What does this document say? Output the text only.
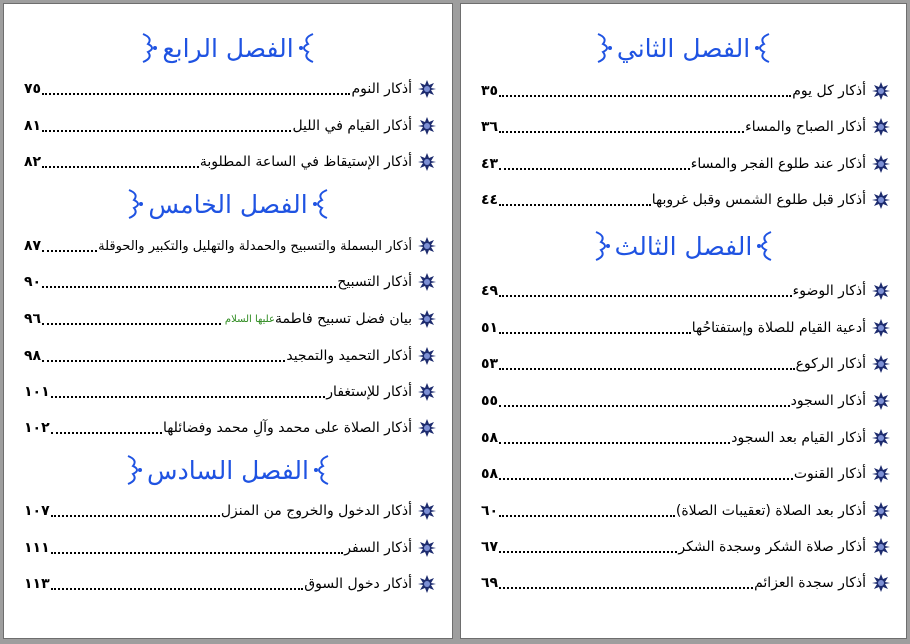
الفصل الرابع
أذكار النوم
٧٥
أذكار القيام في الليل
٨١
أذكار الإستيقاظ في الساعة المطلوبة
٨٢
الفصل الخامس
أذكار البسملة والتسبيح والحمدلة والتهليل والتكبير والحوقلة
٨٧
أذكار التسبيح
٩٠
بيان فضل تسبيح فاطمة
عليها السلام
٩٦
أذكار التحميد والتمجيد
٩٨
أذكار للإستغفار
١٠١
أذكار الصلاة على محمد وآلِ محمد وفضائلها
١٠٢
الفصل السادس
أذكار الدخول والخروج من المنزل
١٠٧
أذكار السفر
١١١
أذكار دخول السوق
١١٣
الفصل الثاني
أذكار كل يوم
٣٥
أذكار الصباح والمساء
٣٦
أذكار عند طلوع الفجر والمساء
٤٣
أذكار قبل طلوع الشمس وقبل غروبها
٤٤
الفصل الثالث
أذكار الوضوء
٤٩
أدعية القيام للصلاة وإستفتاحُها
٥١
أذكار الركوع
٥٣
أذكار السجود
٥٥
أذكار القيام بعد السجود
٥٨
أذكار القنوت
٥٨
أذكار بعد الصلاة (تعقيبات الصلاة)
٦٠
أذكار صلاة الشكر وسجدة الشكر
٦٧
أذكار سجدة العزائم
٦٩
